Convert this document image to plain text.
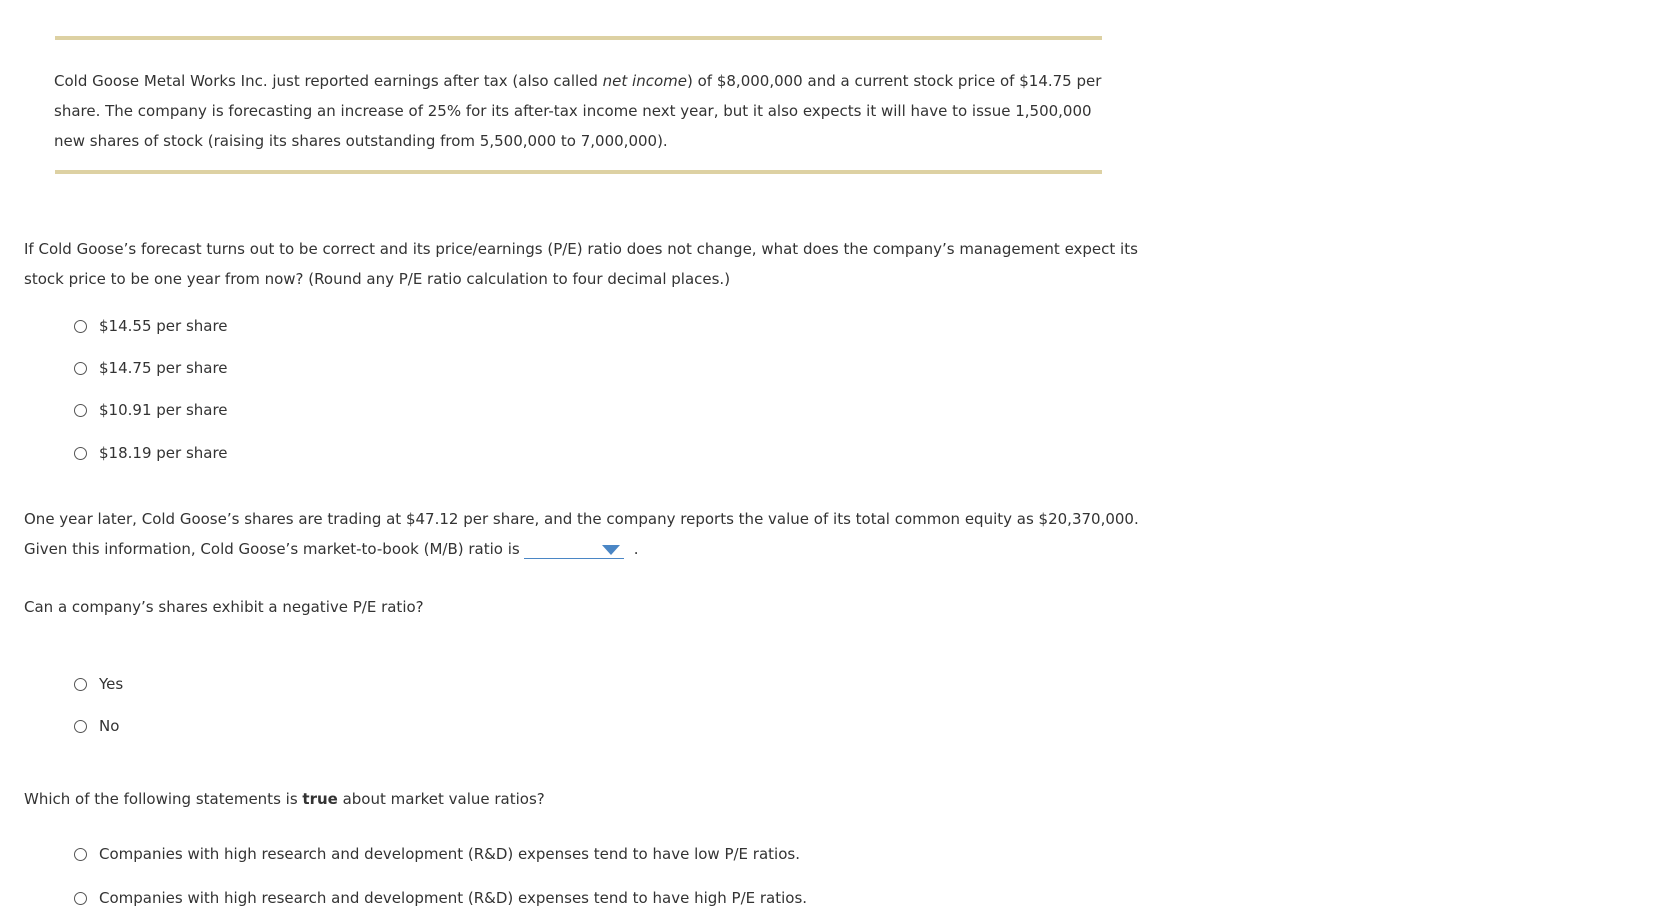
Cold Goose Metal Works Inc. just reported earnings after tax (also called net income) of $8,000,000 and a current stock price of $14.75 per share. The company is forecasting an increase of 25% for its after-tax income next year, but it also expects it will have to issue 1,500,000 new shares of stock (raising its shares outstanding from 5,500,000 to 7,000,000).
If Cold Goose’s forecast turns out to be correct and its price/earnings (P/E) ratio does not change, what does the company’s management expect its stock price to be one year from now? (Round any P/E ratio calculation to four decimal places.)
$14.55 per share
$14.75 per share
$10.91 per share
$18.19 per share
One year later, Cold Goose’s shares are trading at $47.12 per share, and the company reports the value of its total common equity as $20,370,000. Given this information, Cold Goose’s market-to-book (M/B) ratio is	.
Can a company’s shares exhibit a negative P/E ratio?
Yes
No
Which of the following statements is true about market value ratios?
Companies with high research and development (R&D) expenses tend to have low P/E ratios.
Companies with high research and development (R&D) expenses tend to have high P/E ratios.
